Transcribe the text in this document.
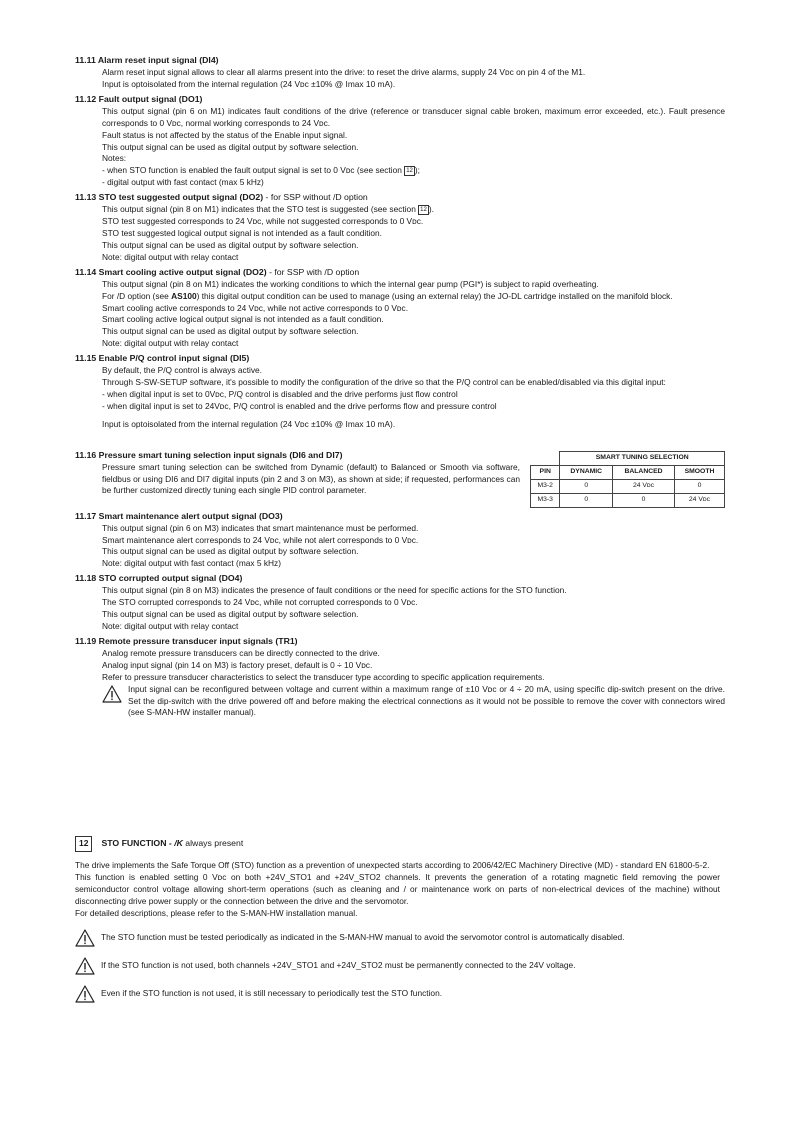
11.11 Alarm reset input signal (DI4)

Alarm reset input signal allows to clear all alarms present into the drive: to reset the drive alarms, supply 24 Vᴅᴄ on pin 4 of the M1.

Input is optoisolated from the internal regulation (24 Vᴅᴄ ±10% @ Imax 10 mA).

11.12 Fault output signal (DO1)

This output signal (pin 6 on M1) indicates fault conditions of the drive (reference or transducer signal cable broken, maximum error exceeded, etc.). Fault presence corresponds to 0 Vᴅᴄ, normal working corresponds to 24 Vᴅᴄ.

Fault status is not affected by the status of the Enable input signal.

This output signal can be used as digital output by software selection.

Notes:

- when STO function is enabled the fault output signal is set to 0 Vᴅᴄ (see section 12 );

- digital output with fast contact (max 5 kHz)

11.13 STO test suggested output signal (DO2) - for SSP without /D option

This output signal (pin 8 on M1) indicates that the STO test is suggested (see section 12 ).

STO test suggested corresponds to 24 Vᴅᴄ, while not suggested corresponds to 0 Vᴅᴄ.

STO test suggested logical output signal is not intended as a fault condition.

This output signal can be used as digital output by software selection.

Note: digital output with relay contact

11.14 Smart cooling active output signal (DO2) - for SSP with /D option

This output signal (pin 8 on M1) indicates the working conditions to which the internal gear pump (PGI*) is subject to rapid overheating.

For /D option (see AS100) this digital output condition can be used to manage (using an external relay) the JO-DL cartridge installed on the manifold block.

Smart cooling active corresponds to 24 Vᴅᴄ, while not active corresponds to 0 Vᴅᴄ.

Smart cooling active logical output signal is not intended as a fault condition.

This output signal can be used as digital output by software selection.

Note: digital output with relay contact

11.15 Enable P/Q control input signal (DI5)

By default, the P/Q control is always active.

Through S-SW-SETUP software, it's possible to modify the configuration of the drive so that the P/Q control can be enabled/disabled via this digital input:

- when digital input is set to 0Vᴅᴄ, P/Q control is disabled and the drive performs just flow control

- when digital input is set to 24Vᴅᴄ, P/Q control is enabled and the drive performs flow and pressure control

Input is optoisolated from the internal regulation (24 Vᴅᴄ ±10% @ Imax 10 mA).

11.16 Pressure smart tuning selection input signals (DI6 and DI7)

Pressure smart tuning selection can be switched from Dynamic (default) to Balanced or Smooth via software, fieldbus or using DI6 and DI7 digital inputs (pin 2 and 3 on M3), as shown at side; if requested, performances can be further customized directly tuning each single PID control parameter.

	SMART TUNING SELECTION		
PIN	DYNAMIC	BALANCED	SMOOTH
M3-2	0	24 Vᴅᴄ	0
M3-3	0	0	24 Vᴅᴄ
11.17 Smart maintenance alert output signal (DO3)

This output signal (pin 6 on M3) indicates that smart maintenance must be performed.

Smart maintenance alert corresponds to 24 Vᴅᴄ, while not alert corresponds to 0 Vᴅᴄ.

This output signal can be used as digital output by software selection.

Note: digital output with fast contact (max 5 kHz)

11.18 STO corrupted output signal (DO4)

This output signal (pin 8 on M3) indicates the presence of fault conditions or the need for specific actions for the STO function.

The STO corrupted corresponds to 24 Vᴅᴄ, while not corrupted corresponds to 0 Vᴅᴄ.

This output signal can be used as digital output by software selection.

Note: digital output with relay contact

11.19 Remote pressure transducer input signals (TR1)

Analog remote pressure transducers can be directly connected to the drive.

Analog input signal (pin 14 on M3) is factory preset, default is 0 ÷ 10 Vᴅᴄ.

Refer to pressure transducer characteristics to select the transducer type according to specific application requirements.

Input signal can be reconfigured between voltage and current within a maximum range of ±10 Vᴅᴄ or 4 ÷ 20 mA, using specific dip-switch present on the drive. Set the dip-switch with the drive powered off and before making the electrical connections as it would not be possible to remove the cover with connectors wired (see S-MAN-HW installer manual).

12	STO FUNCTION - /K always present

The drive implements the Safe Torque Off (STO) function as a prevention of unexpected starts according to 2006/42/EC Machinery Directive (MD) - standard EN 61800-5-2.

This function is enabled setting 0 Vᴅᴄ on both +24V_STO1 and +24V_STO2 channels. It prevents the generation of a rotating magnetic field removing the power semiconductor control voltage allowing short-term operations (such as cleaning and / or maintenance work on parts of non-electrical devices of the machine) without disconnecting drive power supply or the connection between the drive and the servomotor.

For detailed descriptions, please refer to the S-MAN-HW installation manual.

The STO function must be tested periodically as indicated in the S-MAN-HW manual to avoid the servomotor control is automatically disabled.
If the STO function is not used, both channels +24V_STO1 and +24V_STO2 must be permanently connected to the 24V voltage.
Even if the STO function is not used, it is still necessary to periodically test the STO function.
